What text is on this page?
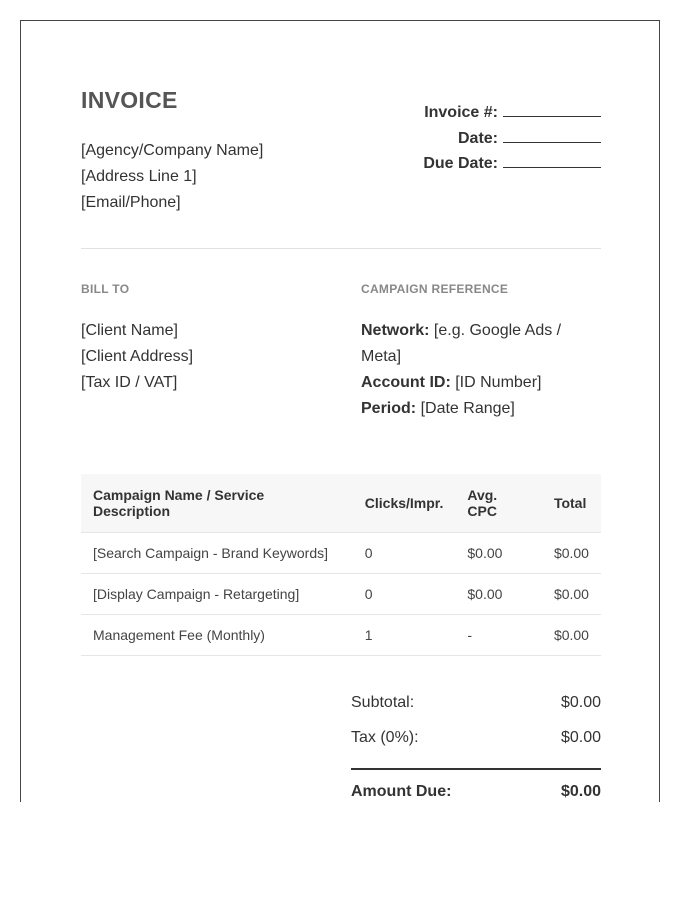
INVOICE
[Agency/Company Name]
[Address Line 1]
[Email/Phone]
Invoice #:
Date:
Due Date:
BILL TO	CAMPAIGN REFERENCE
[Client Name]
[Client Address]
[Tax ID / VAT]
Network: [e.g. Google Ads / Meta]
Account ID: [ID Number]
Period: [Date Range]
Campaign Name / Service Description	Clicks/Impr.	Avg. CPC	Total
[Search Campaign - Brand Keywords]	0	$0.00	$0.00
[Display Campaign - Retargeting]	0	$0.00	$0.00
Management Fee (Monthly)	1	-	$0.00
Subtotal:	$0.00
Tax (0%):	$0.00
Amount Due:	$0.00
